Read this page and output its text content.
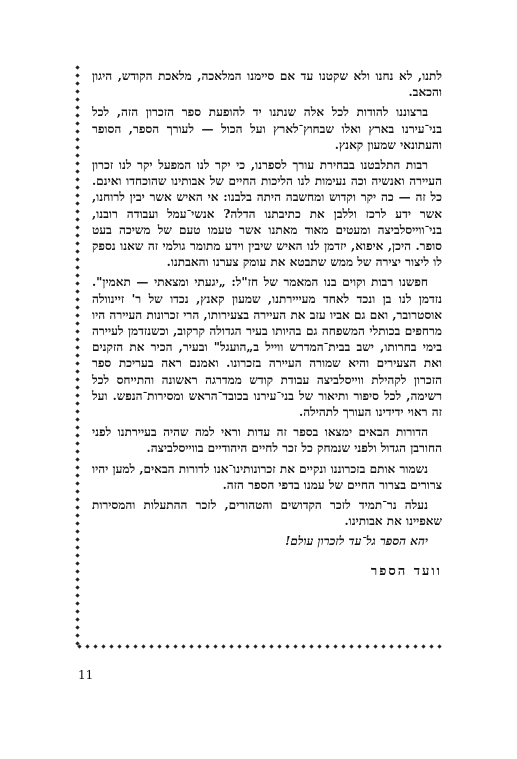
לתנו, לא נחנו ולא שקטנו עד אם סיימנו המלאכה, מלאכת הקודש, היגון והכאב.

ברצוננו להודות לכל אלה שנתנו יד להופעת ספר הזכרון הזה, לכל בני־עירנו בארץ ואלו שבחוץ־לארץ ועל הכול — לעורך הספר, הסופר והעתונאי שמעון קאנץ.

רבות התלבטנו בבחירת עורך לספרנו, כי יקר לנו המפעל יקר לנו זכרון העיירה ואנשיה וכה נעימות לנו הליכות החיים של אבותינו שהוכחדו ואינם. כל זה — כה יקר וקדוש ומחשבה היתה בלבנו: אי האיש אשר יבין לרוחנו, אשר ידע לרכז וללבן את כתיבתנו הדלה? אנשי־עמל ועבודה רובנו, בני־ווייסלביצה ומעטים מאוד מאתנו אשר טעמו טעם של משיכה בעט סופר. היכן, איפוא, יזדמן לנו האיש שיבין וידע מתומר גולמי זה שאנו נספק לו ליצור יצירה של ממש שתבטא את עומק צערנו והאבתנו.

חפשנו רבות וקוים בנו המאמר של חז"ל: „יגעתי ומצאתי — תאמין". נזדמן לנו בן ונכד לאחד מעייירתנו, שמעון קאנץ, נכדו של ר' זיינוולה אוסטרובר, ואם גם אביו עזב את העיירה בצעירותו, הרי זכרונות העיירה היו מרחפים בכותלי המשפחה גם בהיותו בעיר הגדולה קרקוב, וכשנזדמן לעיירה בימי בחרותו, ישב בבית־המדרש ווייל ב„הועגל" ובעיר, הכיר את הזקנים ואת הצעירים והיא שמורה העיירה בזכרונו. ואמנם ראה בעריכת ספר הזכרון לקהילת ווייסלביצה עבודת קודש ממדרגה ראשונה והתייחס לכל רשימה, לכל סיפור ותיאור של בני־עירנו בכובד־הראש ומסירות־הנפש. ועל זה ראוי ידידינו העורך לתהילה.

הדורות הבאים ימצאו בספר זה עדות וראי למה שהיה בעיירתנו לפני החורבן הגדול ולפני שנמחק כל זכר לחיים היהודיים בווייסלביצה.

נשמור אותם בזכרוננו ונקיים את זכרונותינו־אנו לדורות הבאים, למען יהיו צרורים בצרור החיים של עמנו בדפי הספר הזה.

נעלה נר־תמיד לזכר הקדושים והטהורים, לזכר ההתעלות והמסירות שאפיינו את אבותינו.

יהא הספר גל־עד לזכרון עולם!

וועד הספר

11
